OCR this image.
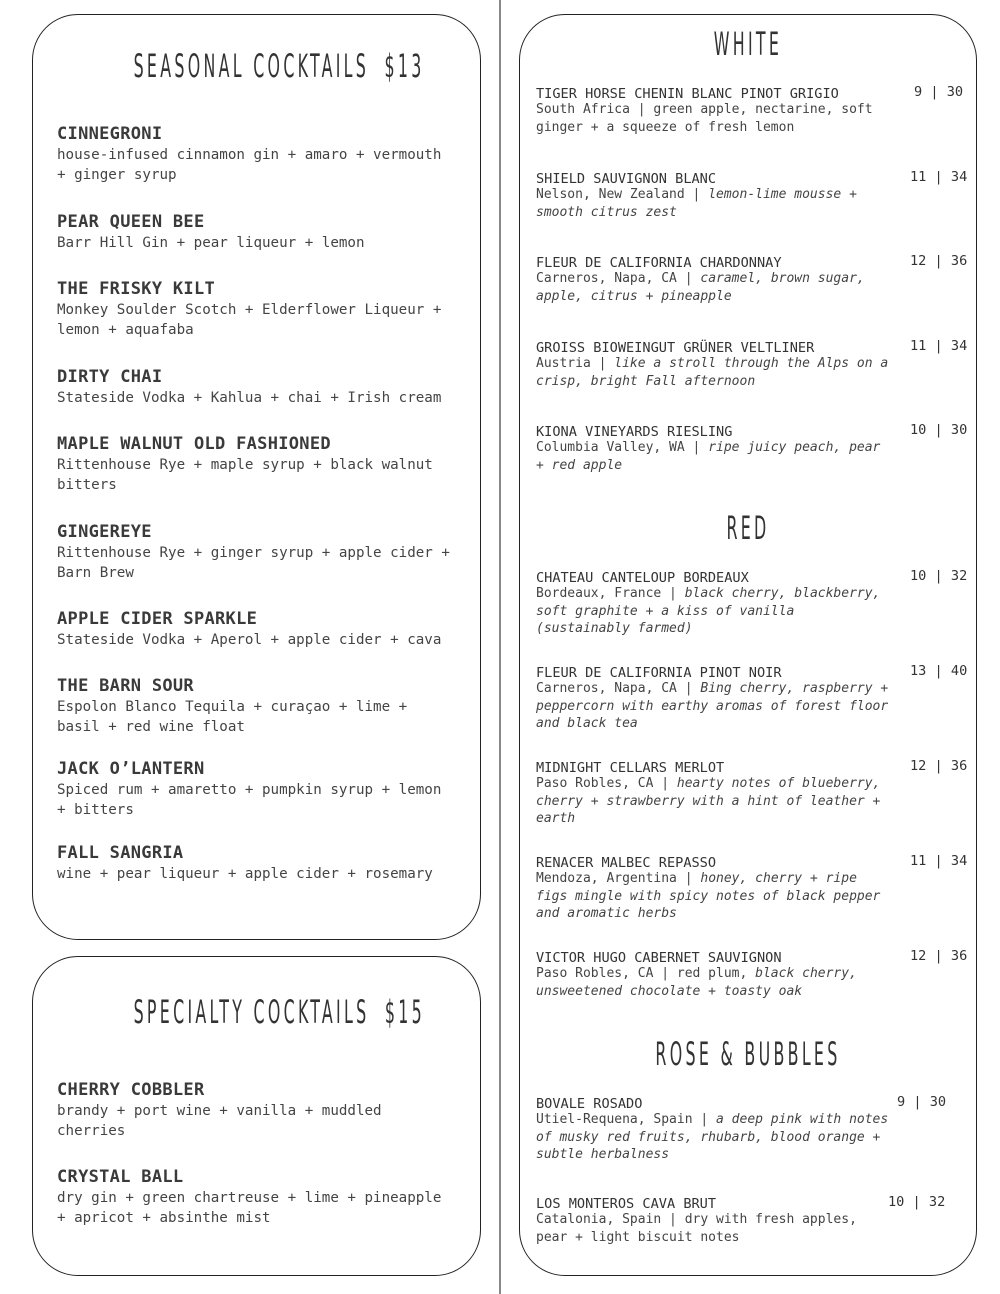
SEASONAL COCKTAILS $13
CINNEGRONI
house-infused cinnamon gin + amaro + vermouth + ginger syrup
PEAR QUEEN BEE
Barr Hill Gin + pear liqueur + lemon
THE FRISKY KILT
Monkey Soulder Scotch + Elderflower Liqueur + lemon + aquafaba
DIRTY CHAI
Stateside Vodka + Kahlua + chai + Irish cream
MAPLE WALNUT OLD FASHIONED
Rittenhouse Rye + maple syrup + black walnut bitters
GINGEREYE
Rittenhouse Rye + ginger syrup + apple cider + Barn Brew
APPLE CIDER SPARKLE
Stateside Vodka + Aperol + apple cider + cava
THE BARN SOUR
Espolon Blanco Tequila + curaçao + lime + basil + red wine float
JACK O’LANTERN
Spiced rum + amaretto + pumpkin syrup + lemon + bitters
FALL SANGRIA
wine + pear liqueur + apple cider + rosemary
SPECIALTY COCKTAILS $15
CHERRY COBBLER
brandy + port wine + vanilla + muddled cherries
CRYSTAL BALL
dry gin + green chartreuse + lime + pineapple + apricot + absinthe mist
WHITE
TIGER HORSE CHENIN BLANC PINOT GRIGIO	9 | 30
South Africa | green apple, nectarine, soft ginger + a squeeze of fresh lemon
SHIELD SAUVIGNON BLANC	11 | 34
Nelson, New Zealand | lemon-lime mousse + smooth citrus zest
FLEUR DE CALIFORNIA CHARDONNAY	12 | 36
Carneros, Napa, CA | caramel, brown sugar, apple, citrus + pineapple
GROISS BIOWEINGUT GRÜNER VELTLINER	11 | 34
Austria | like a stroll through the Alps on a crisp, bright Fall afternoon
KIONA VINEYARDS RIESLING	10 | 30
Columbia Valley, WA | ripe juicy peach, pear + red apple
RED
CHATEAU CANTELOUP BORDEAUX	10 | 32
Bordeaux, France | black cherry, blackberry, soft graphite + a kiss of vanilla (sustainably farmed)
FLEUR DE CALIFORNIA PINOT NOIR	13 | 40
Carneros, Napa, CA | Bing cherry, raspberry + peppercorn with earthy aromas of forest floor and black tea
MIDNIGHT CELLARS MERLOT	12 | 36
Paso Robles, CA | hearty notes of blueberry, cherry + strawberry with a hint of leather + earth
RENACER MALBEC REPASSO	11 | 34
Mendoza, Argentina | honey, cherry + ripe figs mingle with spicy notes of black pepper and aromatic herbs
VICTOR HUGO CABERNET SAUVIGNON	12 | 36
Paso Robles, CA | red plum, black cherry, unsweetened chocolate + toasty oak
ROSE & BUBBLES
BOVALE ROSADO	9 | 30
Utiel-Requena, Spain | a deep pink with notes of musky red fruits, rhubarb, blood orange + subtle herbalness
LOS MONTEROS CAVA BRUT	10 | 32
Catalonia, Spain | dry with fresh apples, pear + light biscuit notes
